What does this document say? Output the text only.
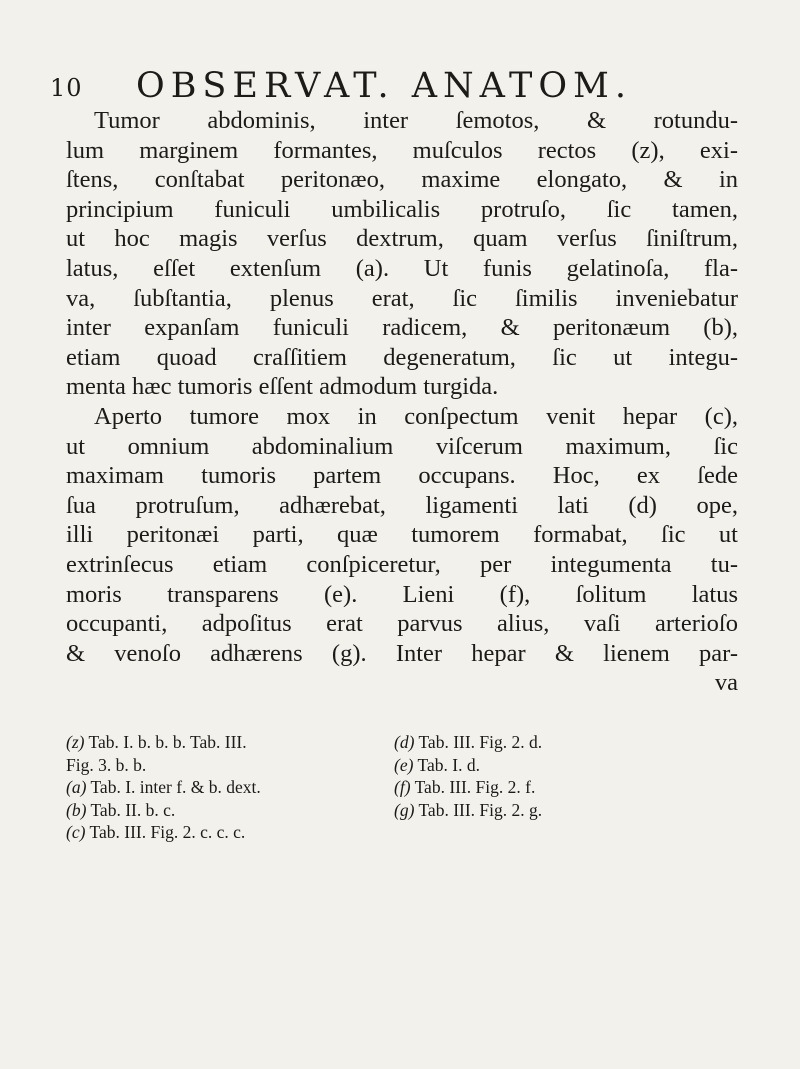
10 OBSERVAT. ANATOM.
Tumor abdominis, inter ſemotos, & rotundu-
lum marginem formantes, muſculos rectos (z), exi-
ſtens, conſtabat peritonæo, maxime elongato, & in
principium funiculi umbilicalis protruſo, ſic tamen,
ut hoc magis verſus dextrum, quam verſus ſiniſtrum,
latus, eſſet extenſum (a). Ut funis gelatinoſa, fla-
va, ſubſtantia, plenus erat, ſic ſimilis inveniebatur
inter expanſam funiculi radicem, & peritonæum (b),
etiam quoad craſſitiem degeneratum, ſic ut integu-
menta hæc tumoris eſſent admodum turgida.
Aperto tumore mox in conſpectum venit hepar (c),
ut omnium abdominalium viſcerum maximum, ſic
maximam tumoris partem occupans. Hoc, ex ſede
ſua protruſum, adhærebat, ligamenti lati (d) ope,
illi peritonæi parti, quæ tumorem formabat, ſic ut
extrinſecus etiam conſpiceretur, per integumenta tu-
moris transparens (e). Lieni (f), ſolitum latus
occupanti, adpoſitus erat parvus alius, vaſi arterioſo
& venoſo adhærens (g). Inter hepar & lienem par-
va
(z) Tab. I. b. b. b. Tab. III.
Fig. 3. b. b.
(a) Tab. I. inter f. & b. dext.
(b) Tab. II. b. c.
(c) Tab. III. Fig. 2. c. c. c.
(d) Tab. III. Fig. 2. d.
(e) Tab. I. d.
(f) Tab. III. Fig. 2. f.
(g) Tab. III. Fig. 2. g.
